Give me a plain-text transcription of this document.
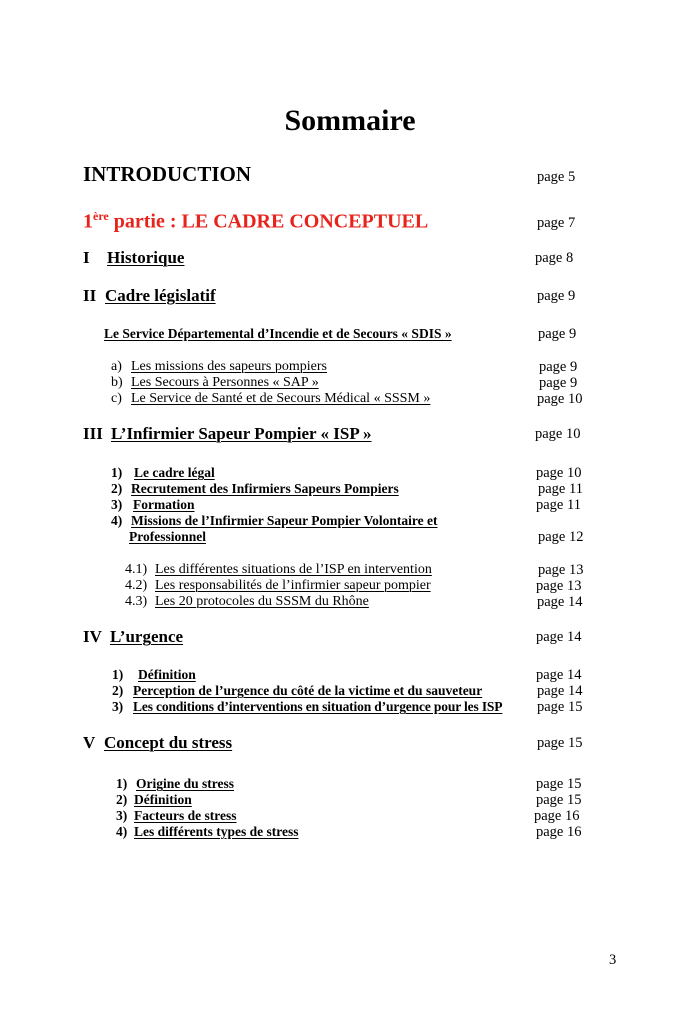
Sommaire
INTRODUCTION	page 5
1ère partie : LE CADRE CONCEPTUEL	page 7
I Historique	page 8
II Cadre législatif	page 9
Le Service Départemental d’Incendie et de Secours « SDIS »	page 9
a) Les missions des sapeurs pompiers	page 9
b) Les Secours à Personnes « SAP »	page 9
c) Le Service de Santé et de Secours Médical « SSSM »	page 10
III L’Infirmier Sapeur Pompier « ISP »	page 10
1) Le cadre légal	page 10
2) Recrutement des Infirmiers Sapeurs Pompiers	page 11
3) Formation	page 11
4) Missions de l’Infirmier Sapeur Pompier Volontaire et
Professionnel	page 12
4.1) Les différentes situations de l’ISP en intervention	page 13
4.2) Les responsabilités de l’infirmier sapeur pompier	page 13
4.3) Les 20 protocoles du SSSM du Rhône	page 14
IV L’urgence	page 14
1) Définition	page 14
2) Perception de l’urgence du côté de la victime et du sauveteur	page 14
3) Les conditions d’interventions en situation d’urgence pour les ISP page 15
V Concept du stress	page 15
1) Origine du stress	page 15
2) Définition	page 15
3) Facteurs de stress	page 16
4) Les différents types de stress	page 16
3
